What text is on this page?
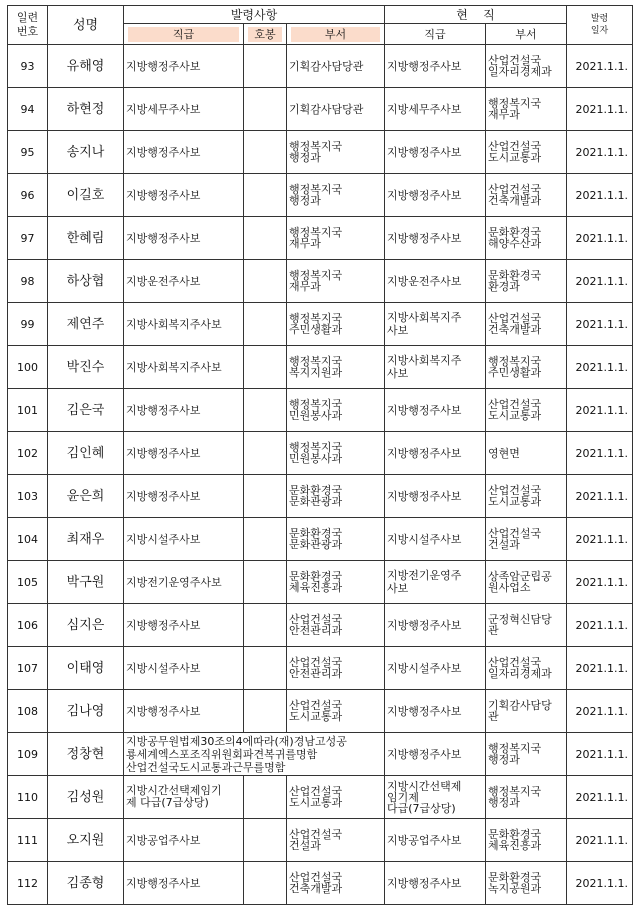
일련
번호	성명	발령사항			현    직		발령
일자

		직급	호봉	부서	직급	부서	

93	유해영	지방행정주사보		기획감사담당관	지방행정주사보	산업건설국
일자리경제과	2021.1.1.
94	하현정	지방세무주사보		기획감사담당관	지방세무주사보	행정복지국
재무과	2021.1.1.
95	송지나	지방행정주사보		행정복지국
행정과	지방행정주사보	산업건설국
도시교통과	2021.1.1.
96	이길호	지방행정주사보		행정복지국
행정과	지방행정주사보	산업건설국
건축개발과	2021.1.1.
97	한혜림	지방행정주사보		행정복지국
재무과	지방행정주사보	문화환경국
해양수산과	2021.1.1.
98	하상협	지방운전주사보		행정복지국
재무과	지방운전주사보	문화환경국
환경과	2021.1.1.
99	제연주	지방사회복지주사보		행정복지국
주민생활과	지방사회복지주
사보	산업건설국
건축개발과	2021.1.1.
100	박진수	지방사회복지주사보		행정복지국
복지지원과	지방사회복지주
사보	행정복지국
주민생활과	2021.1.1.
101	김은국	지방행정주사보		행정복지국
민원봉사과	지방행정주사보	산업건설국
도시교통과	2021.1.1.
102	김인혜	지방행정주사보		행정복지국
민원봉사과	지방행정주사보	영현면	2021.1.1.
103	윤은희	지방행정주사보		문화환경국
문화관광과	지방행정주사보	산업건설국
도시교통과	2021.1.1.
104	최재우	지방시설주사보		문화환경국
문화관광과	지방시설주사보	산업건설국
건설과	2021.1.1.
105	박구원	지방전기운영주사보		문화환경국
체육진흥과	지방전기운영주
사보	상족암군립공
원사업소	2021.1.1.
106	심지은	지방행정주사보		산업건설국
안전관리과	지방행정주사보	군정혁신담당
관	2021.1.1.
107	이태영	지방시설주사보		산업건설국
안전관리과	지방시설주사보	산업건설국
일자리경제과	2021.1.1.
108	김나영	지방행정주사보		산업건설국
도시교통과	지방행정주사보	기획감사담당
관	2021.1.1.
109	정창현	지방공무원법제30조의4에따라(재)경남고성공
룡세계엑스포조직위원회파견복귀를명함
산업건설국도시교통과근무를명함			지방행정주사보	행정복지국
행정과	2021.1.1.
110	김성원	지방시간선택제임기
제 다급(7급상당)		산업건설국
도시교통과	지방시간선택제
임기제
다급(7급상당)	행정복지국
행정과	2021.1.1.
111	오지원	지방공업주사보		산업건설국
건설과	지방공업주사보	문화환경국
체육진흥과	2021.1.1.
112	김종형	지방행정주사보		산업건설국
건축개발과	지방행정주사보	문화환경국
녹지공원과	2021.1.1.
